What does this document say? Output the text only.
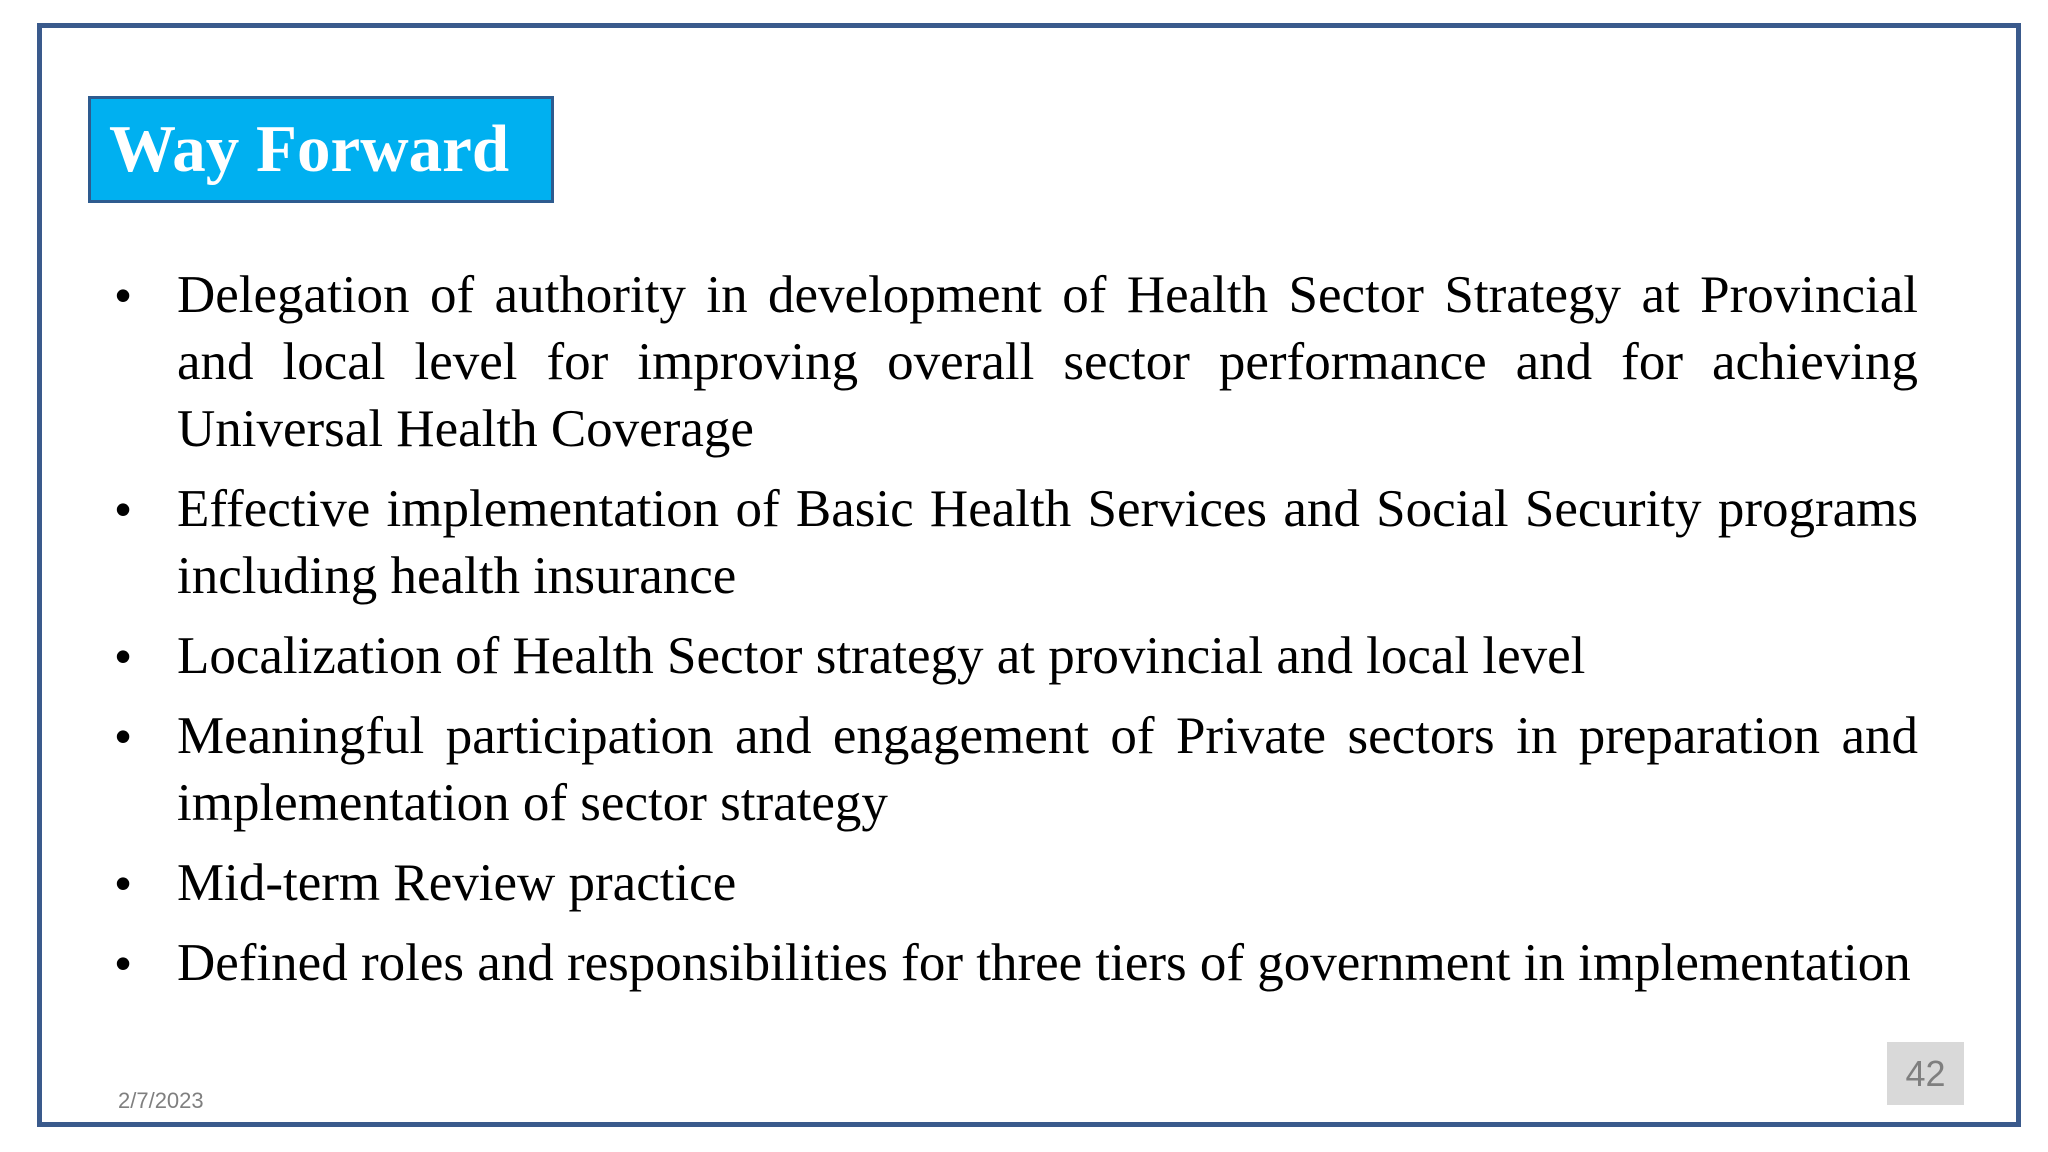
Way Forward
• Delegation of authority in development of Health Sector Strategy at Provincial and local level for improving overall sector performance and for achieving Universal Health Coverage
• Effective implementation of Basic Health Services and Social Security programs including health insurance
• Localization of Health Sector strategy at provincial and local level
• Meaningful participation and engagement of Private sectors in preparation and implementation of sector strategy
• Mid-term Review practice
• Defined roles and responsibilities for three tiers of government in implementation
2/7/2023
42
